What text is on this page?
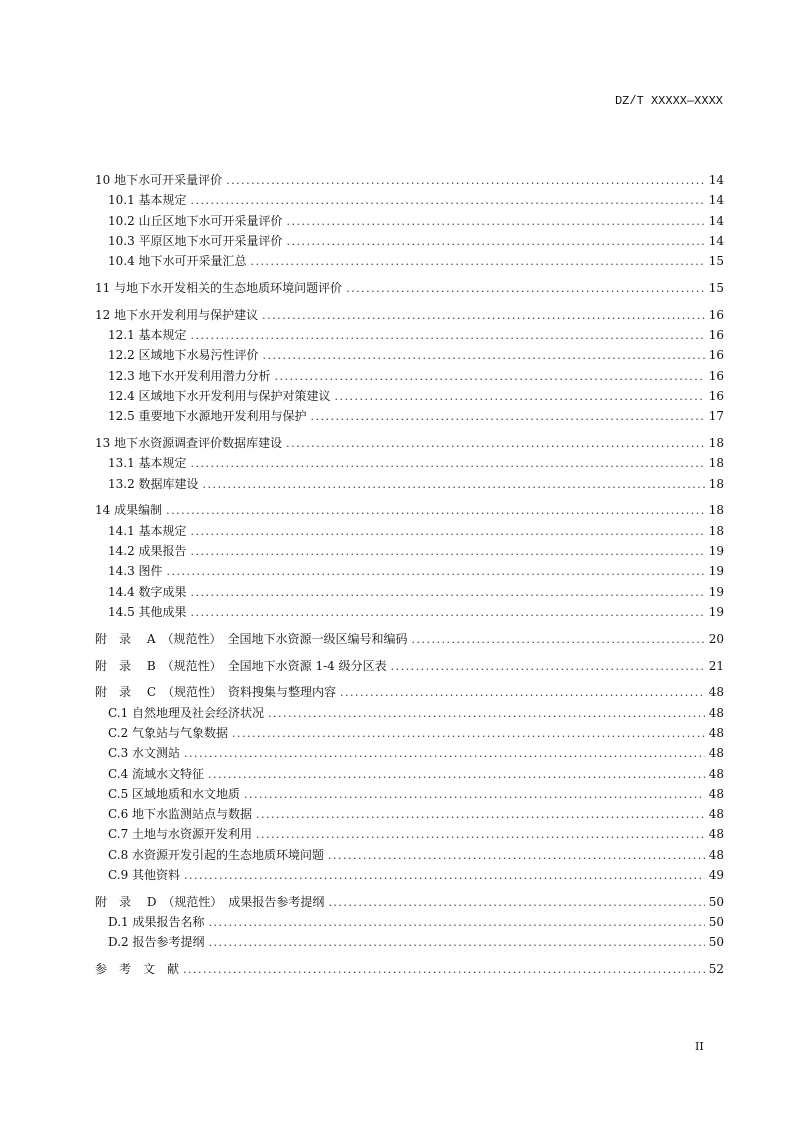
DZ/T XXXXX—XXXX
10 地下水可开采量评价 .....	14
10.1 基本规定 .....	14
10.2 山丘区地下水可开采量评价 .....	14
10.3 平原区地下水可开采量评价 .....	14
10.4 地下水可开采量汇总 .....	15
11 与地下水开发相关的生态地质环境问题评价 .....	15
12 地下水开发利用与保护建议 .....	16
12.1 基本规定 .....	16
12.2 区域地下水易污性评价 .....	16
12.3 地下水开发利用潜力分析 .....	16
12.4 区域地下水开发利用与保护对策建议 .....	16
12.5 重要地下水源地开发利用与保护 .....	17
13 地下水资源调查评价数据库建设 .....	18
13.1 基本规定 .....	18
13.2 数据库建设 .....	18
14 成果编制 .....	18
14.1 基本规定 .....	18
14.2 成果报告 .....	19
14.3 图件 .....	19
14.4 数字成果 .....	19
14.5 其他成果 .....	19
附　录　 A　（规范性）　全国地下水资源一级区编号和编码 .....	20
附　录　 B　（规范性）　全国地下水资源 1-4 级分区表 .....	21
附　录　 C　（规范性）　资料搜集与整理内容 .....	48
C.1 自然地理及社会经济状况 .....	48
C.2 气象站与气象数据 .....	48
C.3 水文测站 .....	48
C.4 流域水文特征 .....	48
C.5 区域地质和水文地质 .....	48
C.6 地下水监测站点与数据 .....	48
C.7 土地与水资源开发利用 .....	48
C.8 水资源开发引起的生态地质环境问题 .....	48
C.9 其他资料 .....	49
附　录　 D　（规范性）　成果报告参考提纲 .....	50
D.1 成果报告名称 .....	50
D.2 报告参考提纲 .....	50
参　考　文　献 .....	52
II
